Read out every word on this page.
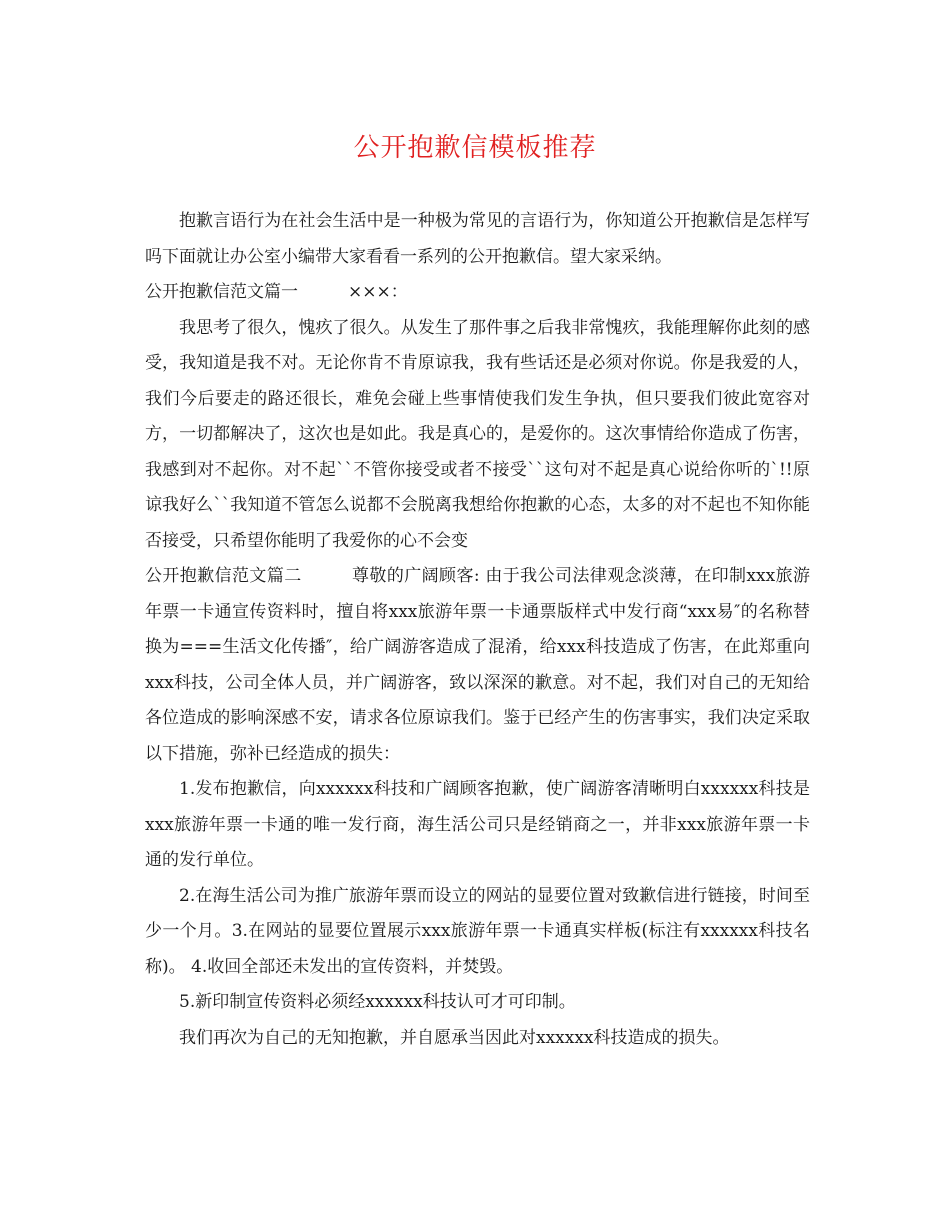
公开抱歉信模板推荐

抱歉言语行为在社会生活中是一种极为常见的言语行为，你知道公开抱歉信是怎样写吗下面就让办公室小编带大家看看一系列的公开抱歉信。望大家采纳。

公开抱歉信范文篇一	×××：

我思考了很久，愧疚了很久。从发生了那件事之后我非常愧疚，我能理解你此刻的感受，我知道是我不对。无论你肯不肯原谅我，我有些话还是必须对你说。你是我爱的人，我们今后要走的路还很长，难免会碰上些事情使我们发生争执，但只要我们彼此宽容对方，一切都解决了，这次也是如此。我是真心的，是爱你的。这次事情给你造成了伤害，我感到对不起你。对不起``不管你接受或者不接受``这句对不起是真心说给你听的`!!原谅我好么``我知道不管怎么说都不会脱离我想给你抱歉的心态，太多的对不起也不知你能否接受，只希望你能明了我爱你的心不会变

公开抱歉信范文篇二	尊敬的广阔顾客: 由于我公司法律观念淡薄，在印制xxx旅游年票一卡通宣传资料时，擅自将xxx旅游年票一卡通票版样式中发行商“xxx易″的名称替换为===生活文化传播″，给广阔游客造成了混淆，给xxx科技造成了伤害，在此郑重向xxx科技，公司全体人员，并广阔游客，致以深深的歉意。对不起，我们对自己的无知给各位造成的影响深感不安，请求各位原谅我们。鉴于已经产生的伤害事实，我们决定采取以下措施，弥补已经造成的损失：

1.发布抱歉信，向xxxxxx科技和广阔顾客抱歉，使广阔游客清晰明白xxxxxx科技是xxx旅游年票一卡通的唯一发行商，海生活公司只是经销商之一，并非xxx旅游年票一卡通的发行单位。

2.在海生活公司为推广旅游年票而设立的网站的显要位置对致歉信进行链接，时间至少一个月。3.在网站的显要位置展示xxx旅游年票一卡通真实样板(标注有xxxxxx科技名称)。 4.收回全部还未发出的宣传资料，并焚毁。

5.新印制宣传资料必须经xxxxxx科技认可才可印制。

我们再次为自己的无知抱歉，并自愿承当因此对xxxxxx科技造成的损失。
